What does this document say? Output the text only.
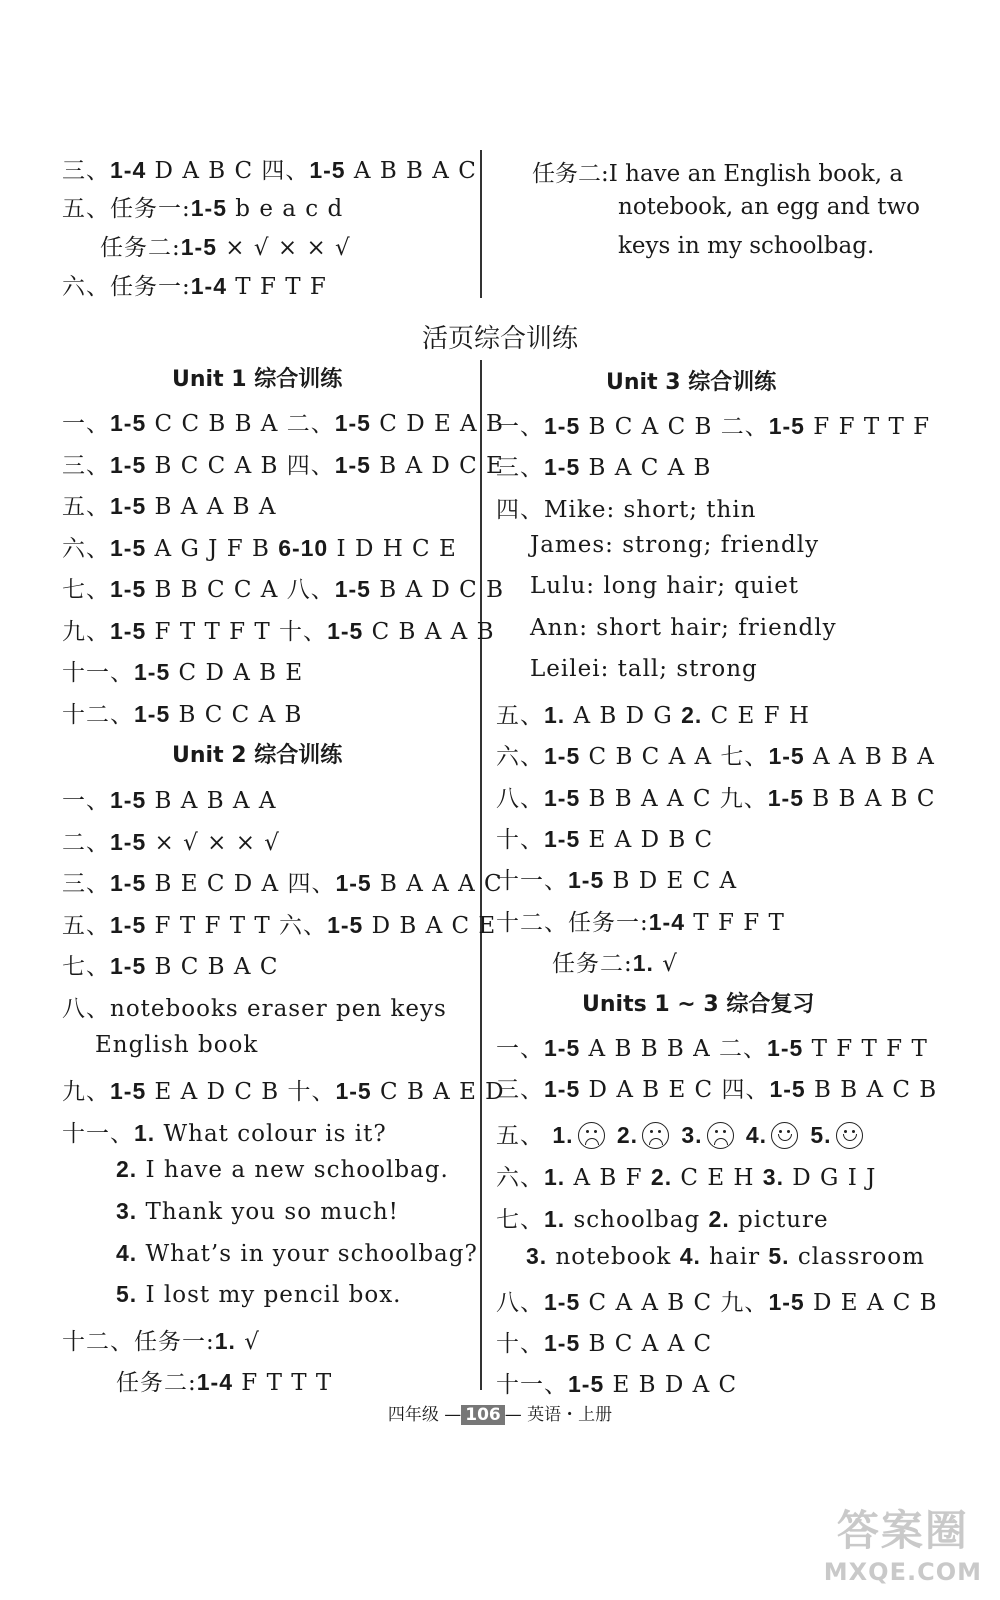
三、1-4 D A B C 四、1-5 A B B A C
五、任务一:1-5 b e a c d
任务二:1-5 × √ × × √
六、任务一:1-4 T F T F
任务二:I have an English book, a
notebook, an egg and two
keys in my schoolbag.
活页综合训练
Unit 1 综合训练
一、1-5 C C B B A 二、1-5 C D E A B
三、1-5 B C C A B 四、1-5 B A D C E
五、1-5 B A A B A
六、1-5 A G J F B 6-10 I D H C E
七、1-5 B B C C A 八、1-5 B A D C B
九、1-5 F T T F T 十、1-5 C B A A B
十一、1-5 C D A B E
十二、1-5 B C C A B
Unit 2 综合训练
一、1-5 B A B A A
二、1-5 × √ × × √
三、1-5 B E C D A 四、1-5 B A A A C
五、1-5 F T F T T 六、1-5 D B A C E
七、1-5 B C B A C
八、notebooks eraser pen keys
English book
九、1-5 E A D C B 十、1-5 C B A E D
十一、1. What colour is it?
2. I have a new schoolbag.
3. Thank you so much!
4. What’s in your schoolbag?
5. I lost my pencil box.
十二、任务一:1. √
任务二:1-4 F T T T
Unit 3 综合训练
一、1-5 B C A C B 二、1-5 F F T T F
三、1-5 B A C A B
四、Mike: short; thin
James: strong; friendly
Lulu: long hair; quiet
Ann: short hair; friendly
Leilei: tall; strong
五、1. A B D G 2. C E F H
六、1-5 C B C A A 七、1-5 A A B B A
八、1-5 B B A A C 九、1-5 B B A B C
十、1-5 E A D B C
十一、1-5 B D E C A
十二、任务一:1-4 T F F T
任务二:1. √
Units 1 ~ 3 综合复习
一、1-5 A B B B A 二、1-5 T F T F T
三、1-5 D A B E C 四、1-5 B B A C B
六、1. A B F 2. C E H 3. D G I J
七、1. schoolbag 2. picture
3. notebook 4. hair 5. classroom
八、1-5 C A A B C 九、1-5 D E A C B
十、1-5 B C A A C
十一、1-5 E B D A C
五、 1. 2. 3. 4. 5.
四年级 — 106 — 英语・上册
答案圈
MXQE.COM
